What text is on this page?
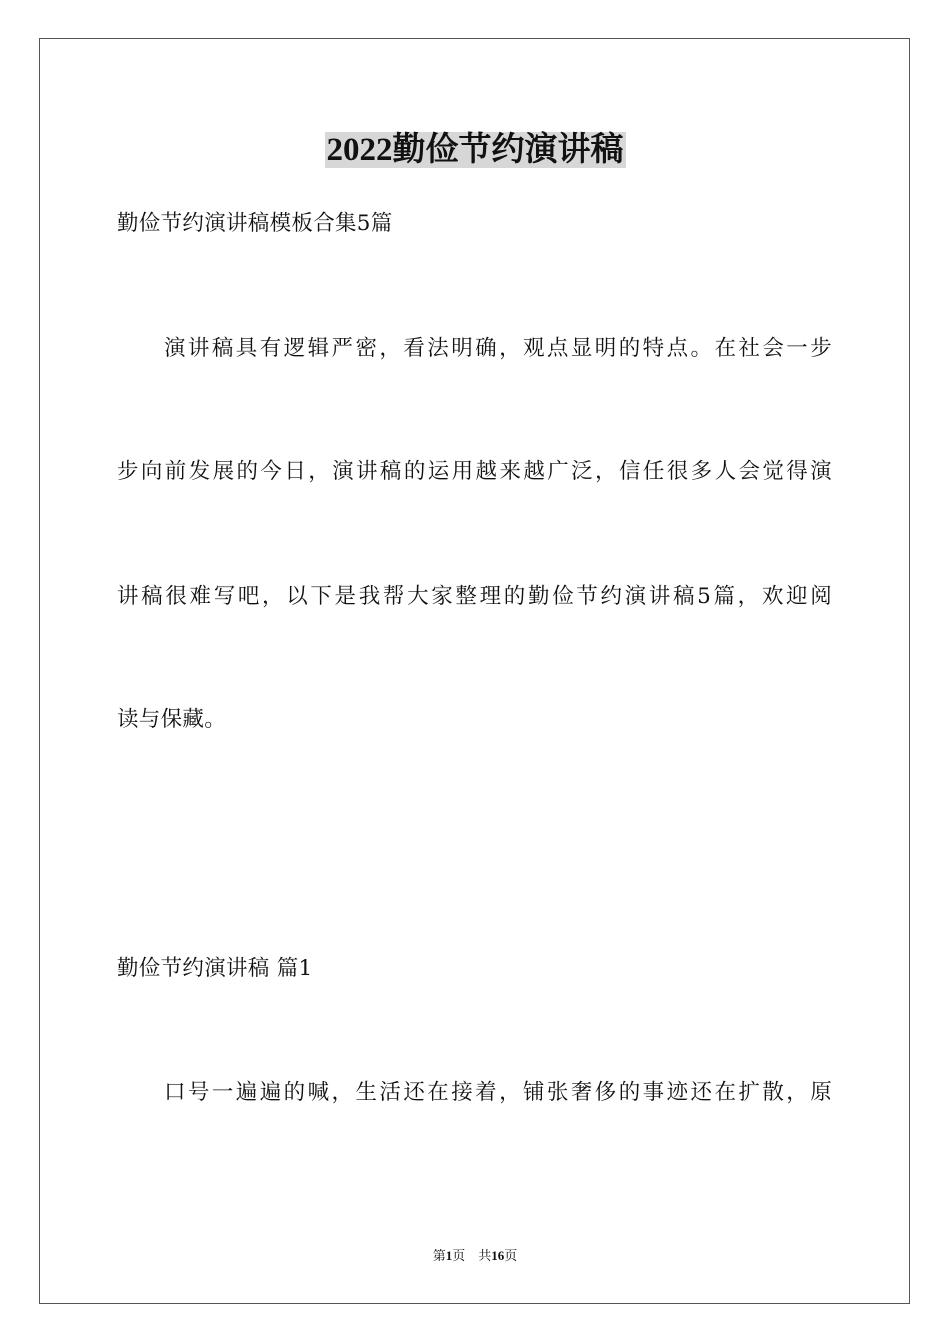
2022勤俭节约演讲稿
勤俭节约演讲稿模板合集5篇
演讲稿具有逻辑严密，看法明确，观点显明的特点。在社会一步
步向前发展的今日，演讲稿的运用越来越广泛，信任很多人会觉得演
讲稿很难写吧，以下是我帮大家整理的勤俭节约演讲稿5篇，欢迎阅
读与保藏。
勤俭节约演讲稿 篇1
口号一遍遍的喊，生活还在接着，铺张奢侈的事迹还在扩散，原
第1页 共16页
